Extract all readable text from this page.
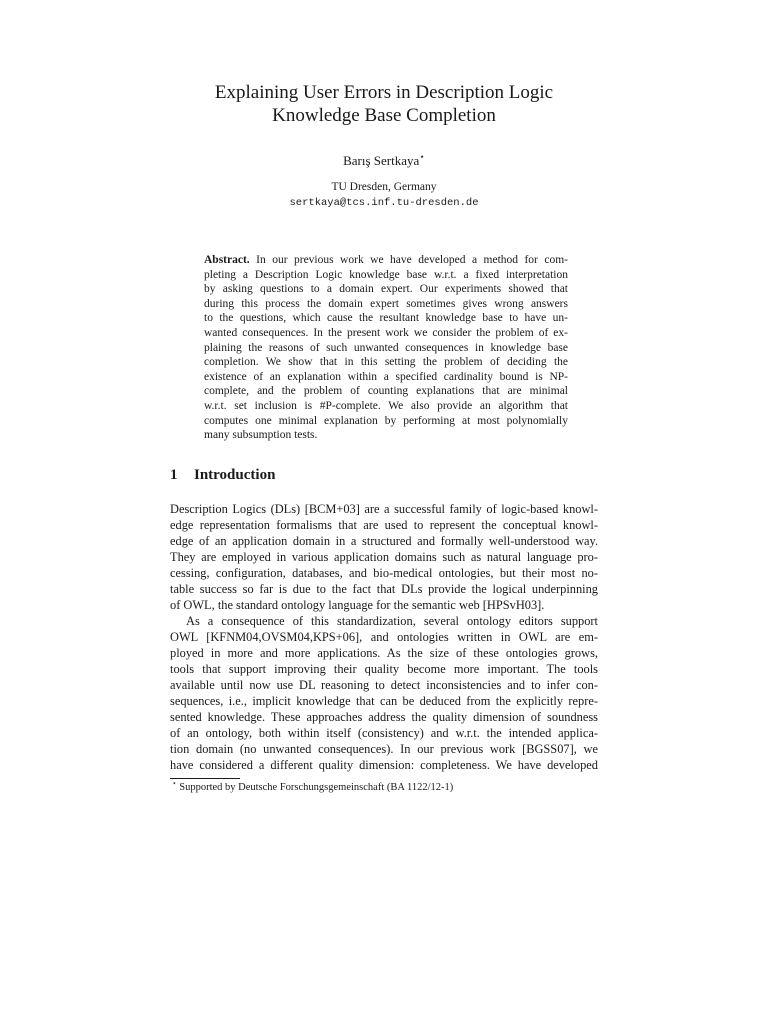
Explaining User Errors in Description Logic
Knowledge Base Completion
Barış Sertkaya⋆
TU Dresden, Germany
sertkaya@tcs.inf.tu-dresden.de
Abstract. In our previous work we have developed a method for com-
pleting a Description Logic knowledge base w.r.t. a fixed interpretation
by asking questions to a domain expert. Our experiments showed that
during this process the domain expert sometimes gives wrong answers
to the questions, which cause the resultant knowledge base to have un-
wanted consequences. In the present work we consider the problem of ex-
plaining the reasons of such unwanted consequences in knowledge base
completion. We show that in this setting the problem of deciding the
existence of an explanation within a specified cardinality bound is NP-
complete, and the problem of counting explanations that are minimal
w.r.t. set inclusion is #P-complete. We also provide an algorithm that
computes one minimal explanation by performing at most polynomially
many subsumption tests.
1 Introduction
Description Logics (DLs) [BCM+03] are a successful family of logic-based knowl-
edge representation formalisms that are used to represent the conceptual knowl-
edge of an application domain in a structured and formally well-understood way.
They are employed in various application domains such as natural language pro-
cessing, configuration, databases, and bio-medical ontologies, but their most no-
table success so far is due to the fact that DLs provide the logical underpinning
of OWL, the standard ontology language for the semantic web [HPSvH03].
As a consequence of this standardization, several ontology editors support
OWL [KFNM04,OVSM04,KPS+06], and ontologies written in OWL are em-
ployed in more and more applications. As the size of these ontologies grows,
tools that support improving their quality become more important. The tools
available until now use DL reasoning to detect inconsistencies and to infer con-
sequences, i.e., implicit knowledge that can be deduced from the explicitly repre-
sented knowledge. These approaches address the quality dimension of soundness
of an ontology, both within itself (consistency) and w.r.t. the intended applica-
tion domain (no unwanted consequences). In our previous work [BGSS07], we
have considered a different quality dimension: completeness. We have developed
⋆ Supported by Deutsche Forschungsgemeinschaft (BA 1122/12-1)
